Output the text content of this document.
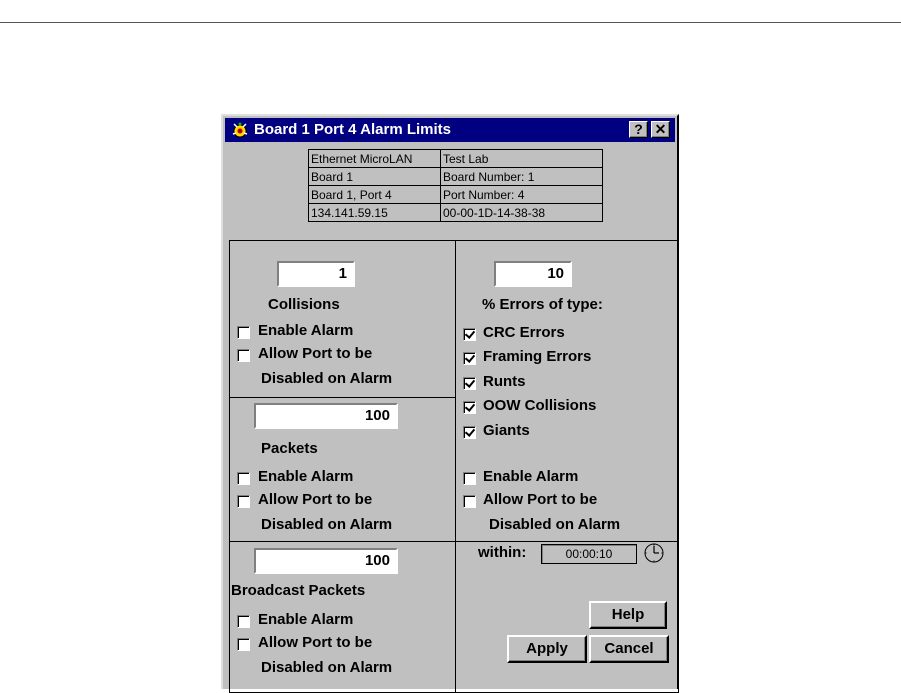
Board 1 Port 4 Alarm Limits	? ✕
Ethernet MicroLAN	Test Lab
Board 1	Board Number: 1
Board 1, Port 4	Port Number: 4
134.141.59.15	00-00-1D-14-38-38
1
Collisions
Enable Alarm
Allow Port to be
Disabled on Alarm
100
Packets
Enable Alarm
Allow Port to be
Disabled on Alarm
100
Broadcast Packets
Enable Alarm
Allow Port to be
Disabled on Alarm
10
% Errors of type:
CRC Errors
Framing Errors
Runts
OOW Collisions
Giants
Enable Alarm
Allow Port to be
Disabled on Alarm
within:	00:00:10
Help
Apply	Cancel
